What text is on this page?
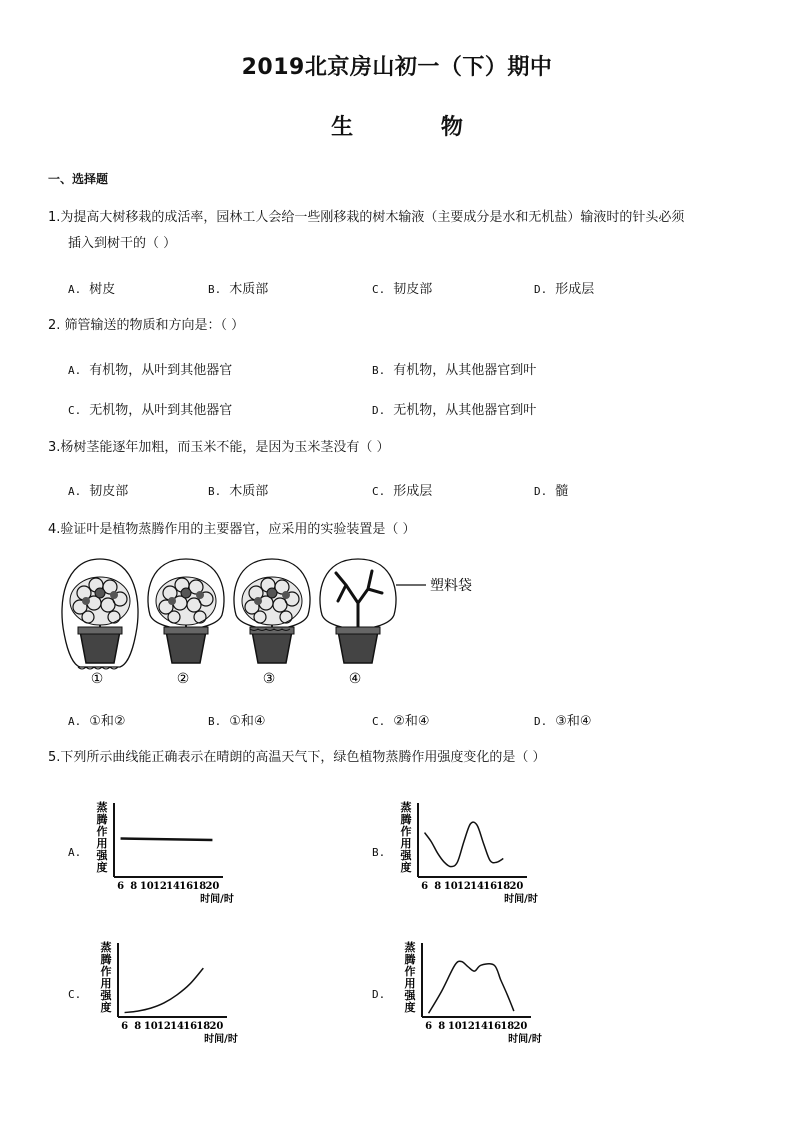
2019北京房山初一（下）期中
生 物
一、选择题
1.为提高大树移栽的成活率，园林工人会给一些刚移栽的树木输液（主要成分是水和无机盐）输液时的针头必须
插入到树干的（ ）
A. 树皮	B. 木质部	C. 韧皮部	D. 形成层
2. 筛管输送的物质和方向是：（ ）
A. 有机物，从叶到其他器官	B. 有机物，从其他器官到叶
C. 无机物，从叶到其他器官	D. 无机物，从其他器官到叶
3.杨树茎能逐年加粗，而玉米不能，是因为玉米茎没有（ ）
A. 韧皮部	B. 木质部	C. 形成层	D. 髓
4.验证叶是植物蒸腾作用的主要器官，应采用的实验装置是（ ）
塑料袋
①	②	③	④
A. ①和②	B. ①和④	C. ②和④	D. ③和④
5.下列所示曲线能正确表示在晴朗的高温天气下，绿色植物蒸腾作用强度变化的是（ ）
A.	B.
C.	D.
蒸腾作用强度
6 8 10 12 14 16 18 20
时间/时
蒸腾作用强度
6 8 10 12 14 16 18 20
时间/时
蒸腾作用强度
6 8 10 12 14 16 18 20
时间/时
蒸腾作用强度
6 8 10 12 14 16 18 20
时间/时
